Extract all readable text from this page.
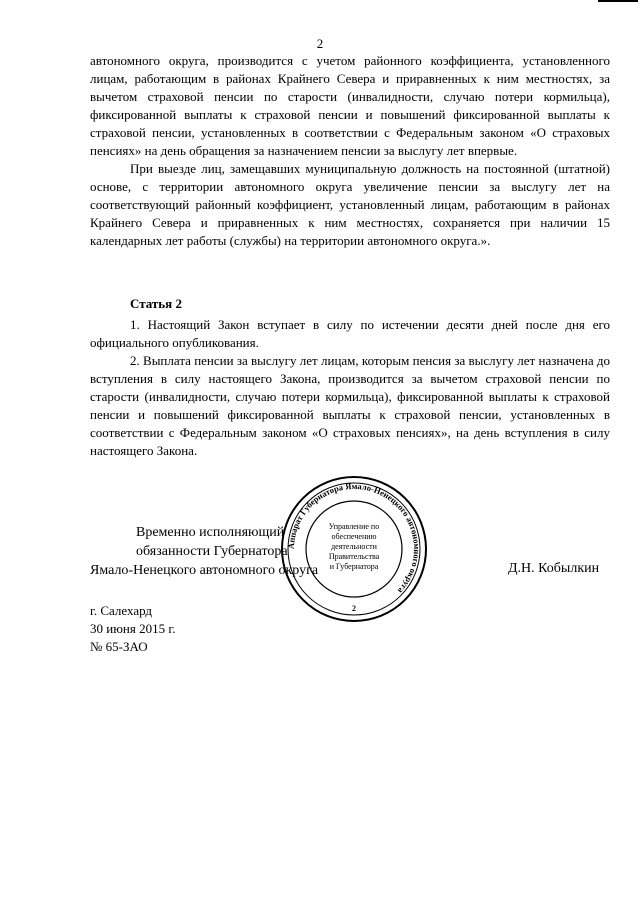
2

автономного округа, производится с учетом районного коэффициента, установленного лицам, работающим в районах Крайнего Севера и приравненных к ним местностях, за вычетом страховой пенсии по старости (инвалидности, случаю потери кормильца), фиксированной выплаты к страховой пенсии и повышений фиксированной выплаты к страховой пенсии, установленных в соответствии с Федеральным законом «О страховых пенсиях» на день обращения за назначением пенсии за выслугу лет впервые.

При выезде лиц, замещавших муниципальную должность на постоянной (штатной) основе, с территории автономного округа увеличение пенсии за выслугу лет на соответствующий районный коэффициент, установленный лицам, работающим в районах Крайнего Севера и приравненных к ним местностях, сохраняется при наличии 15 календарных лет работы (службы) на территории автономного округа.».

Статья 2

1. Настоящий Закон вступает в силу по истечении десяти дней после дня его официального опубликования.

2. Выплата пенсии за выслугу лет лицам, которым пенсия за выслугу лет назначена до вступления в силу настоящего Закона, производится за вычетом страховой пенсии по старости (инвалидности, случаю потери кормильца), фиксированной выплаты к страховой пенсии и повышений фиксированной выплаты к страховой пенсии, установленных в соответствии с Федеральным законом «О страховых пенсиях», на день вступления в силу настоящего Закона.

Временно исполняющий
обязанности Губернатора
Ямало-Ненецкого автономного округа	Д.Н. Кобылкин
Аппарат Губернатора Ямало-Ненецкого автономного округа
Управление по
обеспечению
деятельности
Правительства
и Губернатора
2
г. Салехард
30 июня 2015 г.
№ 65-ЗАО
